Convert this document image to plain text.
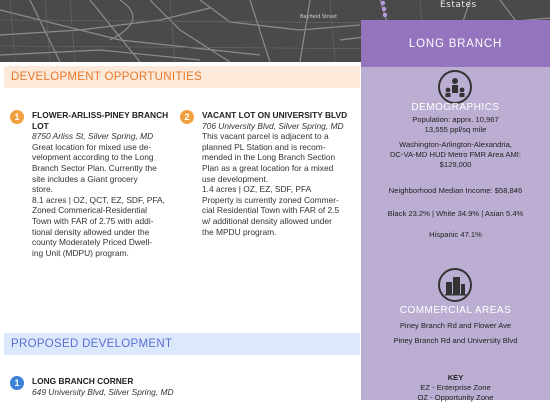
Bayfield Street
Estates
DEVELOPMENT OPPORTUNITIES
1	FLOWER-ARLISS-PINEY BRANCH

LOT

8750 Arliss St, Silver Spring, MD

Great location for mixed use de-

velopment according to the Long

Branch Sector Plan. Currently the

site includes a Giant grocery

store.

8.1 acres | OZ, QCT, EZ, SDF, PFA,

Zoned Commerical-Residential

Town with FAR of 2.75 with addi-

tional density allowed under the

county Moderately Priced Dwell-

ing Unit (MDPU) program.

2	VACANT LOT ON UNIVERSITY BLVD

706 University Blvd, Silver Spring, MD

This vacant parcel is adjacent to a

planned PL Station and is recom-

mended in the Long Branch Section

Plan as a great location for a mixed

use development.

1.4 acres | OZ, EZ, SDF, PFA

Property is currently zoned Commer-

cial Residential Town with FAR of 2.5

w/ additional density allowed under

the MPDU program.

PROPOSED DEVELOPMENT
1	LONG BRANCH CORNER

649 University Blvd, Silver Spring, MD

LONG BRANCH
DEMOGRAPHICS
Population: apprx. 10,967
13,555 ppl/sq mile
Washington-Arlington-Alexandria,
DC-VA-MD HUD Metro FMR Area AMI:
$129,000
Neighborhood Median Income: $58,846
Black 23.2% | White 34.9% | Asian 5.4%
Hispanic 47.1%
COMMERCIAL AREAS
Piney Branch Rd and Flower Ave
Piney Branch Rd and University Blvd
KEY
EZ - Enterprise Zone
OZ - Opportunity Zone
